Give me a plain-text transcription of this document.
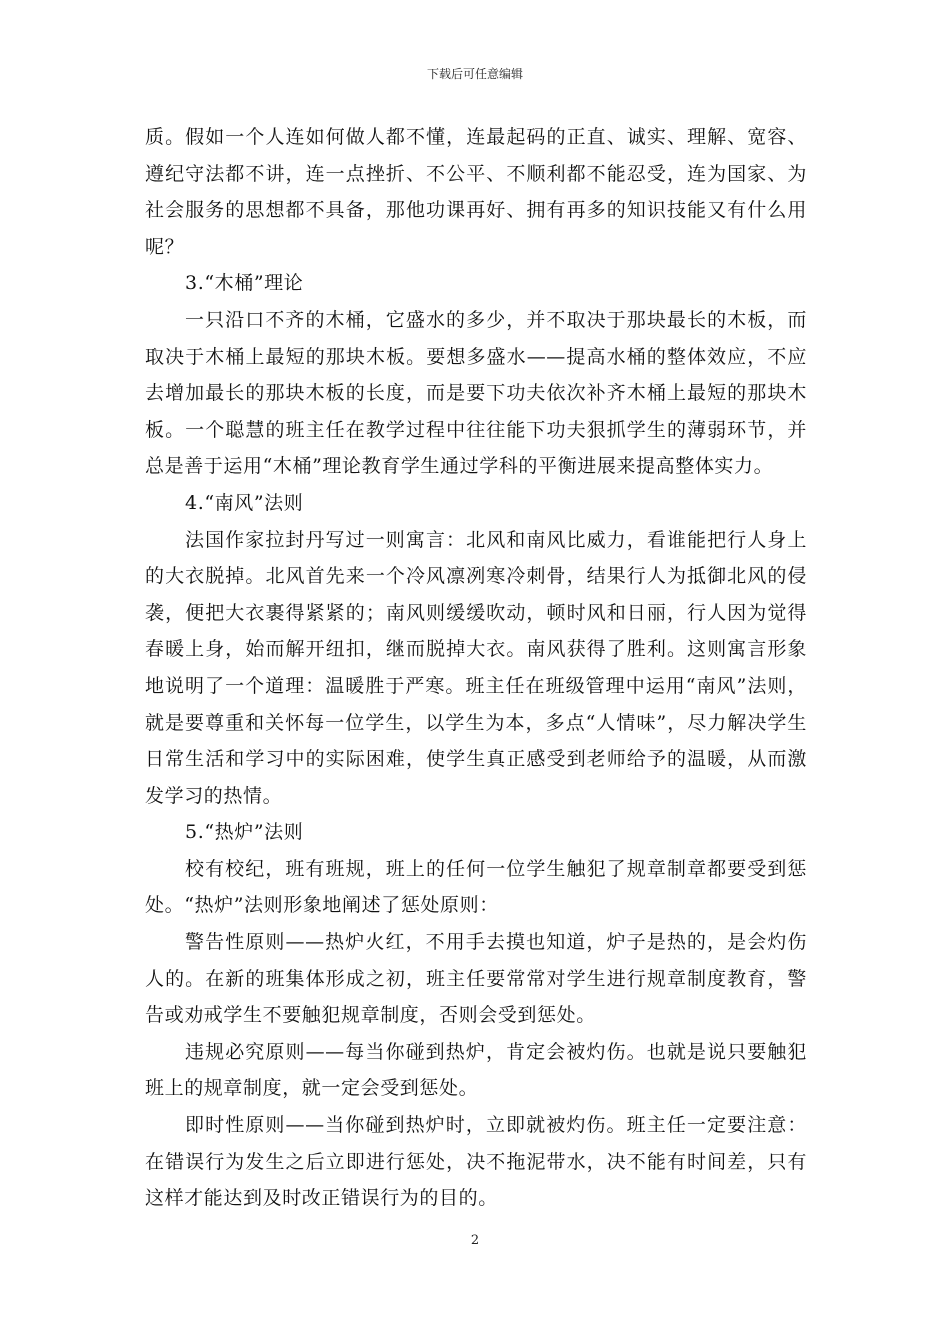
下载后可任意编辑

质。假如一个人连如何做人都不懂，连最起码的正直、诚实、理解、宽容、遵纪守法都不讲，连一点挫折、不公平、不顺利都不能忍受，连为国家、为社会服务的思想都不具备，那他功课再好、拥有再多的知识技能又有什么用呢？

3.“木桶”理论

一只沿口不齐的木桶，它盛水的多少，并不取决于那块最长的木板，而取决于木桶上最短的那块木板。要想多盛水——提高水桶的整体效应，不应去增加最长的那块木板的长度，而是要下功夫依次补齐木桶上最短的那块木板。一个聪慧的班主任在教学过程中往往能下功夫狠抓学生的薄弱环节，并总是善于运用“木桶”理论教育学生通过学科的平衡进展来提高整体实力。

4.“南风”法则

法国作家拉封丹写过一则寓言：北风和南风比威力，看谁能把行人身上的大衣脱掉。北风首先来一个冷风凛冽寒冷刺骨，结果行人为抵御北风的侵袭，便把大衣裹得紧紧的；南风则缓缓吹动，顿时风和日丽，行人因为觉得春暖上身，始而解开纽扣，继而脱掉大衣。南风获得了胜利。这则寓言形象地说明了一个道理：温暖胜于严寒。班主任在班级管理中运用“南风”法则，就是要尊重和关怀每一位学生，以学生为本，多点“人情味”，尽力解决学生日常生活和学习中的实际困难，使学生真正感受到老师给予的温暖，从而激发学习的热情。

5.“热炉”法则

校有校纪，班有班规，班上的任何一位学生触犯了规章制章都要受到惩处。“热炉”法则形象地阐述了惩处原则：

警告性原则——热炉火红，不用手去摸也知道，炉子是热的，是会灼伤人的。在新的班集体形成之初，班主任要常常对学生进行规章制度教育，警告或劝戒学生不要触犯规章制度，否则会受到惩处。

违规必究原则——每当你碰到热炉，肯定会被灼伤。也就是说只要触犯班上的规章制度，就一定会受到惩处。

即时性原则——当你碰到热炉时，立即就被灼伤。班主任一定要注意：在错误行为发生之后立即进行惩处，决不拖泥带水，决不能有时间差，只有这样才能达到及时改正错误行为的目的。

2
